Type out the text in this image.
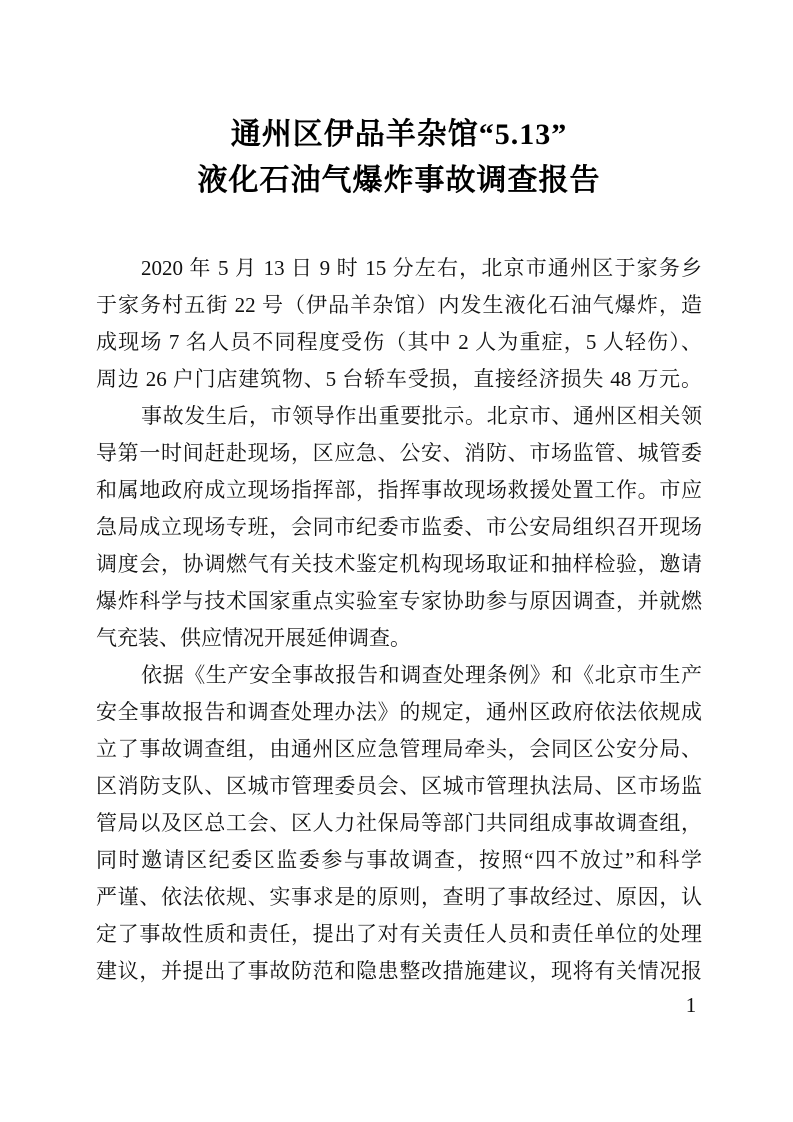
通州区伊品羊杂馆“5.13”
液化石油气爆炸事故调查报告
2020 年 5 月 13 日 9 时 15 分左右，北京市通州区于家务乡
于家务村五街 22 号（伊品羊杂馆）内发生液化石油气爆炸，造
成现场 7 名人员不同程度受伤（其中 2 人为重症，5 人轻伤）、
周边 26 户门店建筑物、5 台轿车受损，直接经济损失 48 万元。
事故发生后，市领导作出重要批示。北京市、通州区相关领
导第一时间赶赴现场，区应急、公安、消防、市场监管、城管委
和属地政府成立现场指挥部，指挥事故现场救援处置工作。市应
急局成立现场专班，会同市纪委市监委、市公安局组织召开现场
调度会，协调燃气有关技术鉴定机构现场取证和抽样检验，邀请
爆炸科学与技术国家重点实验室专家协助参与原因调查，并就燃
气充装、供应情况开展延伸调查。
依据《生产安全事故报告和调查处理条例》和《北京市生产
安全事故报告和调查处理办法》的规定，通州区政府依法依规成
立了事故调查组，由通州区应急管理局牵头，会同区公安分局、
区消防支队、区城市管理委员会、区城市管理执法局、区市场监
管局以及区总工会、区人力社保局等部门共同组成事故调查组，
同时邀请区纪委区监委参与事故调查，按照“四不放过”和科学
严谨、依法依规、实事求是的原则，查明了事故经过、原因，认
定了事故性质和责任，提出了对有关责任人员和责任单位的处理
建议，并提出了事故防范和隐患整改措施建议，现将有关情况报
1
